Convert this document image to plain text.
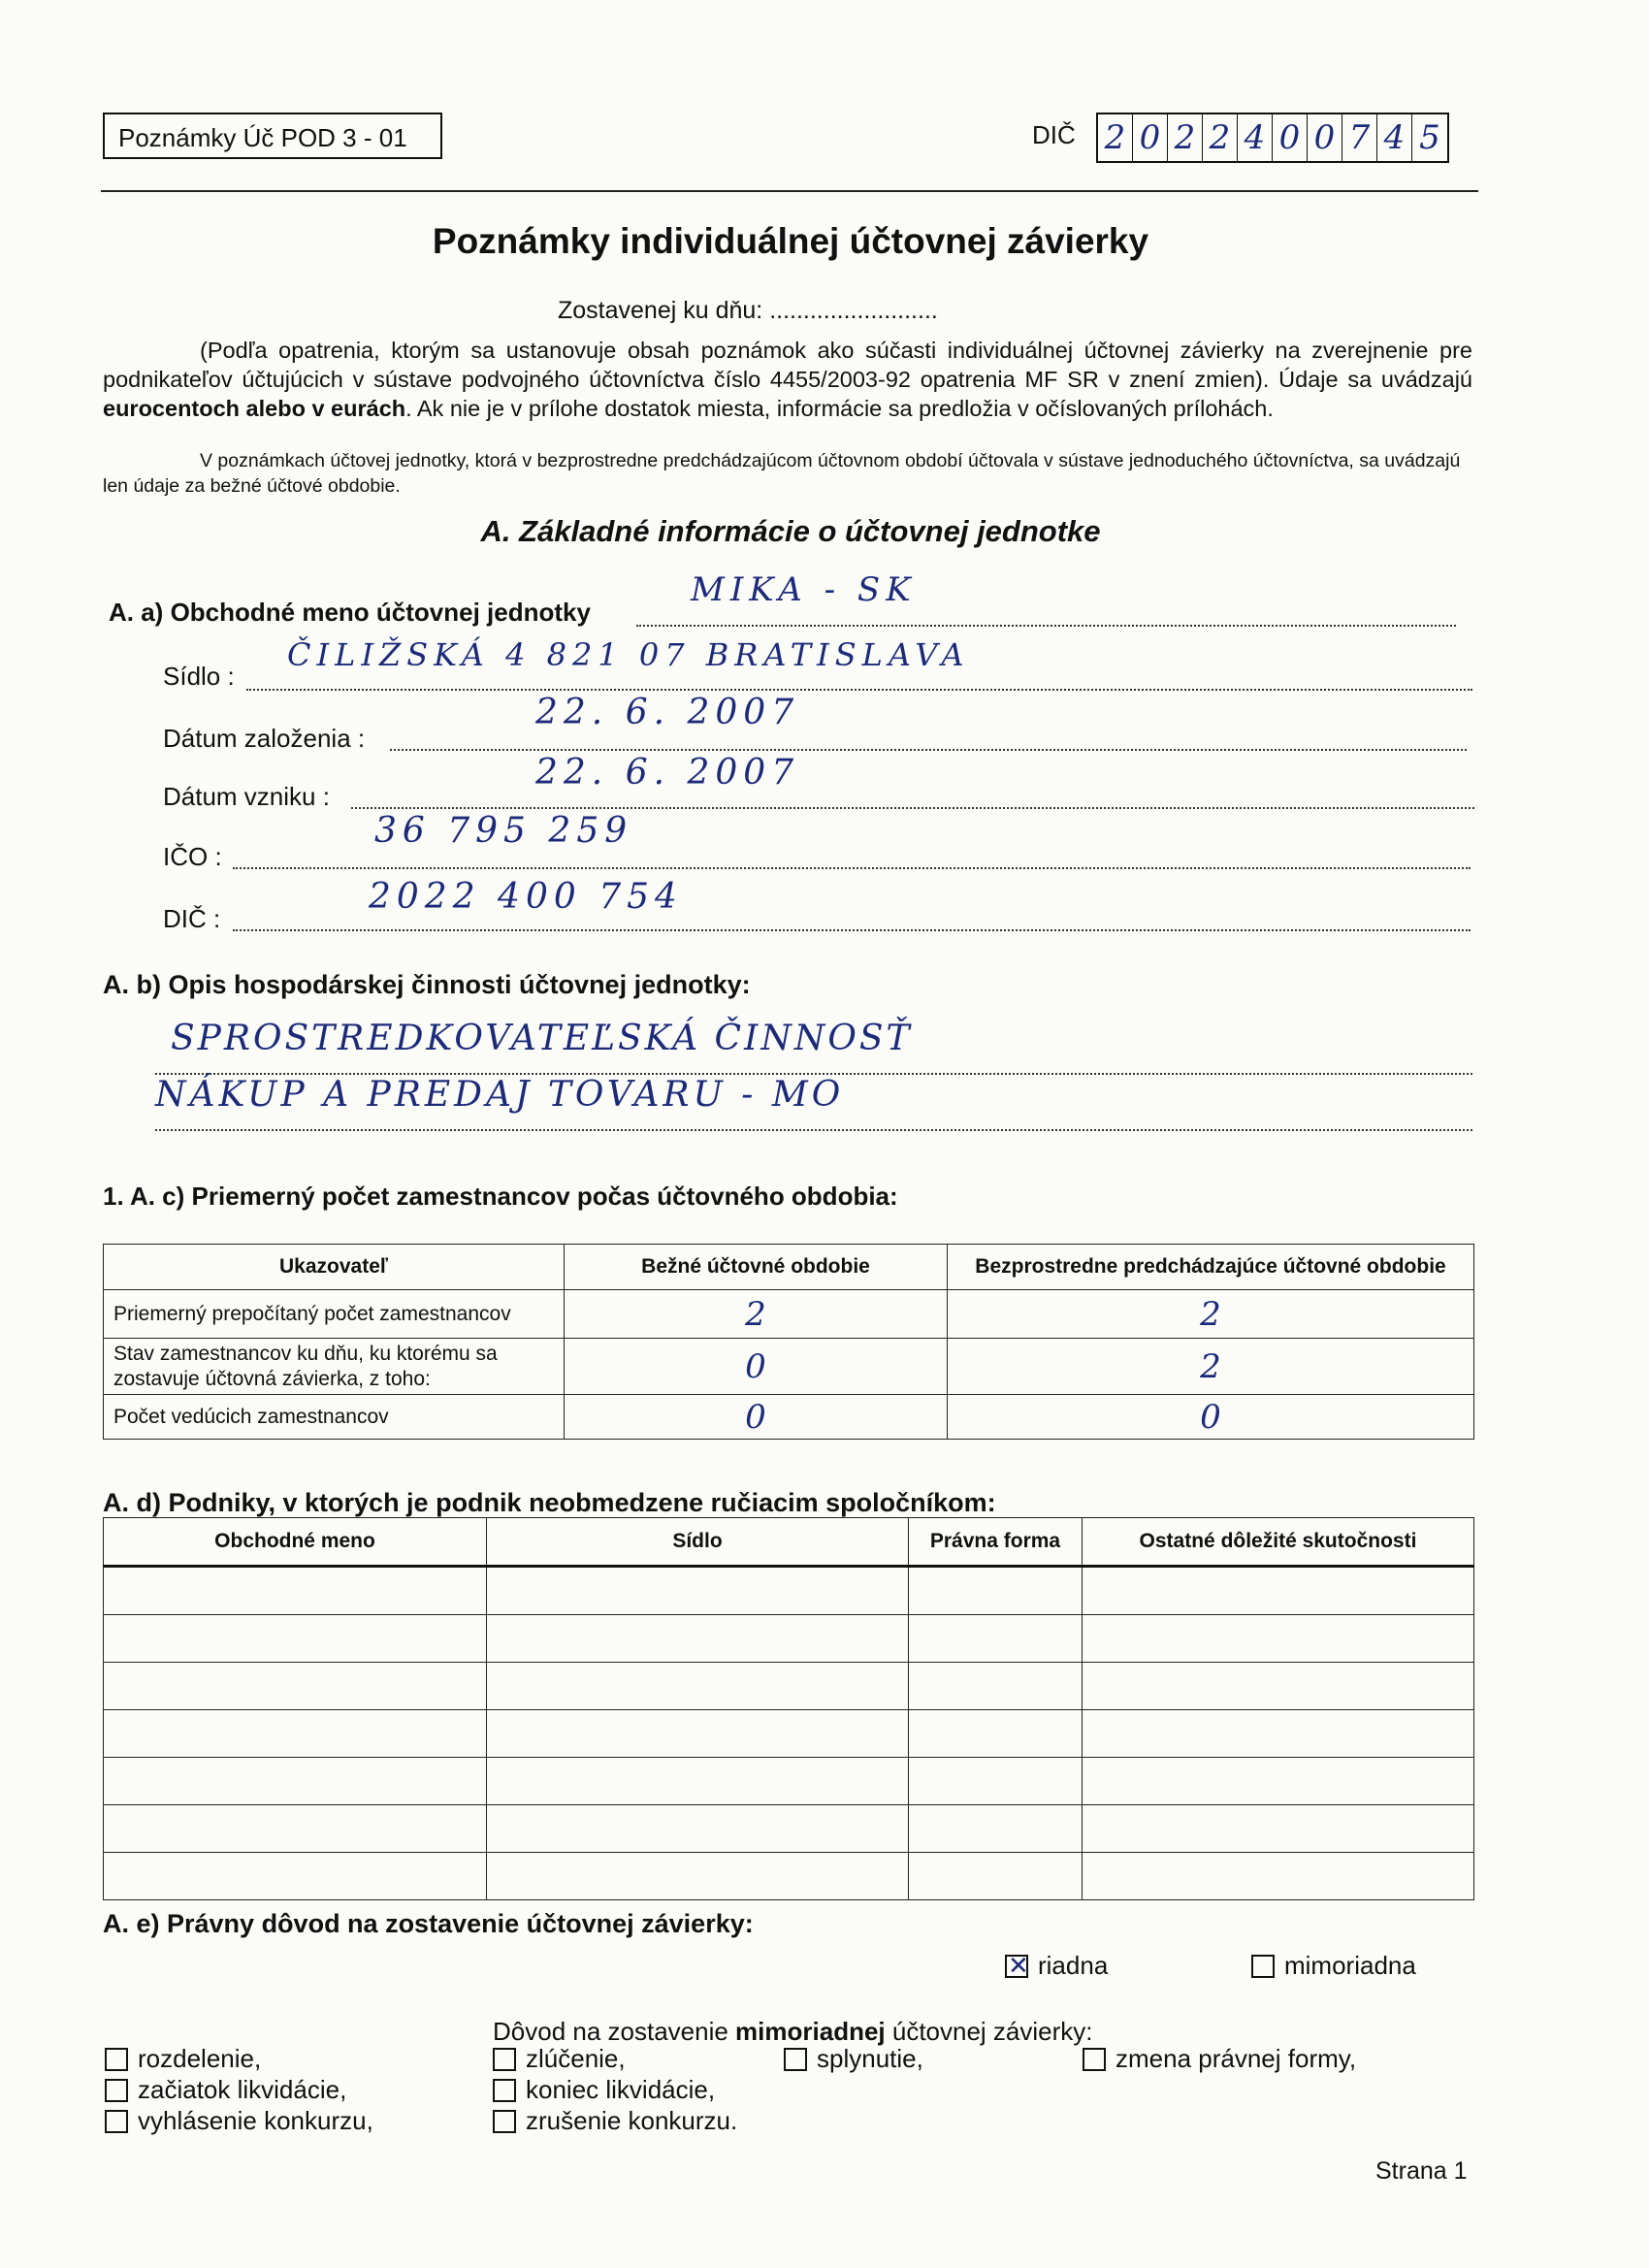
Poznámky Úč POD 3 - 01	DIČ 2 0 2 2 4 0 0 7 4 5
Poznámky individuálnej účtovnej závierky
Zostavenej ku dňu: .........................
(Podľa opatrenia, ktorým sa ustanovuje obsah poznámok ako súčasti individuálnej účtovnej závierky na zverejnenie pre podnikateľov účtujúcich v sústave podvojného účtovníctva číslo 4455/2003-92 opatrenia MF SR v znení zmien). Údaje sa uvádzajú eurocentoch alebo v eurách. Ak nie je v prílohe dostatok miesta, informácie sa predložia v očíslovaných prílohách.
V poznámkach účtovej jednotky, ktorá v bezprostredne predchádzajúcom účtovnom období účtovala v sústave jednoduchého účtovníctva, sa uvádzajú len údaje za bežné účtové obdobie.
A. Základné informácie o účtovnej jednotke
A. a) Obchodné meno účtovnej jednotky
MIKA - SK
Sídlo :
ČILIŽSKÁ 4 821 07 BRATISLAVA
Dátum založenia :
22. 6. 2007
Dátum vzniku :
22. 6. 2007
IČO :
36 795 259
DIČ :
2022 400 754
A. b) Opis hospodárskej činnosti účtovnej jednotky:
SPROSTREDKOVATEĽSKÁ ČINNOSŤ
NÁKUP A PREDAJ TOVARU - MO
1. A. c) Priemerný počet zamestnancov počas účtovného obdobia:
Ukazovateľ	Bežné účtovné obdobie	Bezprostredne predchádzajúce účtovné obdobie
Priemerný prepočítaný počet zamestnancov	2	2
Stav zamestnancov ku dňu, ku ktorému sa zostavuje účtovná závierka, z toho:	0	2
Počet vedúcich zamestnancov	0	0
A. d) Podniky, v ktorých je podnik neobmedzene ručiacim spoločníkom:
Obchodné meno	Sídlo	Právna forma	Ostatné dôležité skutočnosti

A. e) Právny dôvod na zostavenie účtovnej závierky:
✕riadna	mimoriadna
Dôvod na zostavenie mimoriadnej účtovnej závierky:
rozdelenie,
začiatok likvidácie,
vyhlásenie konkurzu,
zlúčenie,
koniec likvidácie,
zrušenie konkurzu.
splynutie,	zmena právnej formy,
Strana 1
